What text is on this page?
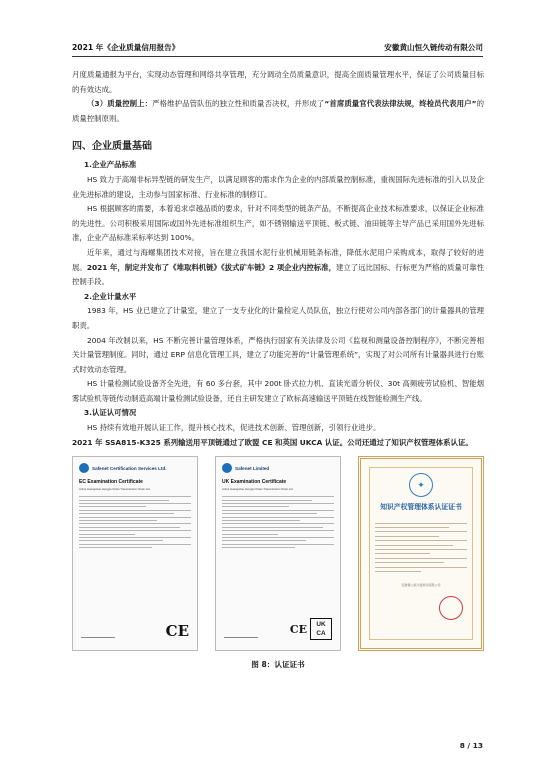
2021 年《企业质量信用报告》	安徽黄山恒久链传动有限公司

月度质量通报为平台，实现动态管理和网络共享管理，充分调动全员质量意识，提高全面质量管理水平，保证了公司质量目标的有效达成。

（3）质量控制上：严格维护品管队伍的独立性和质量否决权，并形成了“首席质量官代表法律法规，终检员代表用户”的质量控制原则。

四、企业质量基础
1.企业产品标准

HS 致力于高端非标异型链的研发生产，以满足顾客的需求作为企业的内部质量控制标准，重视国际先进标准的引入以及企业先进标准的建设，主动参与国家标准、行业标准的制修订。

HS 根据顾客的需要，本着追求卓越品质的要求，针对不同类型的链条产品，不断提高企业技术标准要求，以保证企业标准的先进性。公司积极采用国际或国外先进标准组织生产，如不锈钢输送平顶链、板式链、油田链等主导产品已采用国外先进标准，企业产品标准采标率达到 100%。

近年来，通过与海螺集团技术对接，旨在建立我国水泥行业机械用链条标准，降低水泥用户采购成本，取得了较好的进展。2021 年，制定并发布了《堆取料机链》《拔式矿车链》2 项企业内控标准，建立了远比国标、行标更为严格的质量可靠性控制手段。

2.企业计量水平

1983 年，HS 业已建立了计量室，建立了一支专业化的计量检定人员队伍，独立行使对公司内部各部门的计量器具的管理职责。

2004 年改制以来，HS 不断完善计量管理体系，严格执行国家有关法律及公司《监视和测量设备控制程序》，不断完善相关计量管理制度。同时，通过 ERP 信息化管理工具，建立了功能完善的“计量管理系统”，实现了对公司所有计量器具进行台账式时效动态管理。

HS 计量检测试验设备齐全先进，有 60 多台套，其中 200t 卧式拉力机、直读光谱分析仪、30t 高频疲劳试验机、智能烟雾试验机等链传动制造高端计量检测试验设备，还自主研发建立了欧标高速输送平顶链在线智能检测生产线。

3.认证认可情况

HS 持续有效地开展认证工作，提升核心技术，促进技术创新、管理创新，引领行业进步。

2021 年 SSA815-K325 系列输送用平顶链通过了欧盟 CE 和英国 UKCA 认证。公司还通过了知识产权管理体系认证。

Safenet Certification Services Ltd.
EC Examination Certificate
Anhui Huangshan Hengjiu Chain Transmission Chain Ltd.
CE
Safenet Limited
UK Examination Certificate
Anhui Huangshan Hengjiu Chain Transmission Chain Ltd.
CE	UK
CA
✦
知识产权管理体系认证证书
安徽黄山恒久链传动有限公司
图 8：认证证书
8 / 13
